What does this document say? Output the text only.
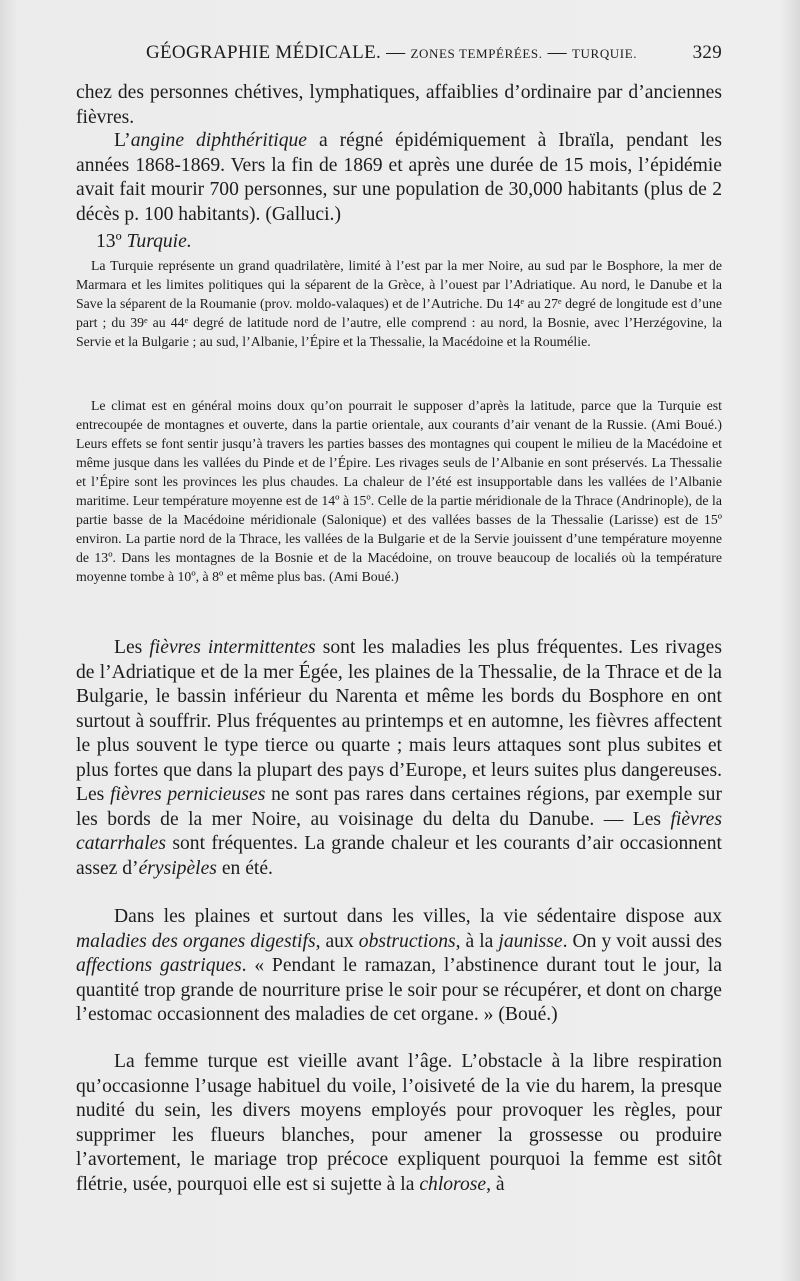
GÉOGRAPHIE MÉDICALE. — ZONES TEMPÉRÉES. — TURQUIE.	329

chez des personnes chétives, lymphatiques, affaiblies d’ordinaire par d’anciennes fièvres.

L’angine diphthéritique a régné épidémiquement à Ibraïla, pendant les années 1868-1869. Vers la fin de 1869 et après une durée de 15 mois, l’épidémie avait fait mourir 700 personnes, sur une population de 30,000 habitants (plus de 2 décès p. 100 habitants). (Galluci.)

13º Turquie.

La Turquie représente un grand quadrilatère, limité à l’est par la mer Noire, au sud par le Bosphore, la mer de Marmara et les limites politiques qui la séparent de la Grèce, à l’ouest par l’Adriatique. Au nord, le Danube et la Save la séparent de la Roumanie (prov. moldo-valaques) et de l’Autriche. Du 14ᵉ au 27ᵉ degré de longitude est d’une part ; du 39ᵉ au 44ᵉ degré de latitude nord de l’autre, elle comprend : au nord, la Bosnie, avec l’Herzégovine, la Servie et la Bulgarie ; au sud, l’Albanie, l’Épire et la Thessalie, la Macédoine et la Roumélie.

Le climat est en général moins doux qu’on pourrait le supposer d’après la latitude, parce que la Turquie est entrecoupée de montagnes et ouverte, dans la partie orientale, aux courants d’air venant de la Russie. (Ami Boué.) Leurs effets se font sentir jusqu’à travers les parties basses des montagnes qui coupent le milieu de la Macédoine et même jusque dans les vallées du Pinde et de l’Épire. Les rivages seuls de l’Albanie en sont préservés. La Thessalie et l’Épire sont les provinces les plus chaudes. La chaleur de l’été est insupportable dans les vallées de l’Albanie maritime. Leur température moyenne est de 14º à 15º. Celle de la partie méridionale de la Thrace (Andrinople), de la partie basse de la Macédoine méridionale (Salonique) et des vallées basses de la Thessalie (Larisse) est de 15º environ. La partie nord de la Thrace, les vallées de la Bulgarie et de la Servie jouissent d’une température moyenne de 13º. Dans les montagnes de la Bosnie et de la Macédoine, on trouve beaucoup de localiés où la température moyenne tombe à 10º, à 8º et même plus bas. (Ami Boué.)

Les fièvres intermittentes sont les maladies les plus fréquentes. Les rivages de l’Adriatique et de la mer Égée, les plaines de la Thessalie, de la Thrace et de la Bulgarie, le bassin inférieur du Narenta et même les bords du Bosphore en ont surtout à souffrir. Plus fréquentes au printemps et en automne, les fièvres affectent le plus souvent le type tierce ou quarte ; mais leurs attaques sont plus subites et plus fortes que dans la plupart des pays d’Europe, et leurs suites plus dangereuses. Les fièvres pernicieuses ne sont pas rares dans certaines régions, par exemple sur les bords de la mer Noire, au voisinage du delta du Danube. — Les fièvres catarrhales sont fréquentes. La grande chaleur et les courants d’air occasionnent assez d’érysipèles en été.

Dans les plaines et surtout dans les villes, la vie sédentaire dispose aux maladies des organes digestifs, aux obstructions, à la jaunisse. On y voit aussi des affections gastriques. « Pendant le ramazan, l’abstinence durant tout le jour, la quantité trop grande de nourriture prise le soir pour se récupérer, et dont on charge l’estomac occasionnent des maladies de cet organe. » (Boué.)

La femme turque est vieille avant l’âge. L’obstacle à la libre respiration qu’occasionne l’usage habituel du voile, l’oisiveté de la vie du harem, la presque nudité du sein, les divers moyens employés pour provoquer les règles, pour supprimer les flueurs blanches, pour amener la grossesse ou produire l’avortement, le mariage trop précoce expliquent pourquoi la femme est sitôt flétrie, usée, pourquoi elle est si sujette à la chlorose, à
